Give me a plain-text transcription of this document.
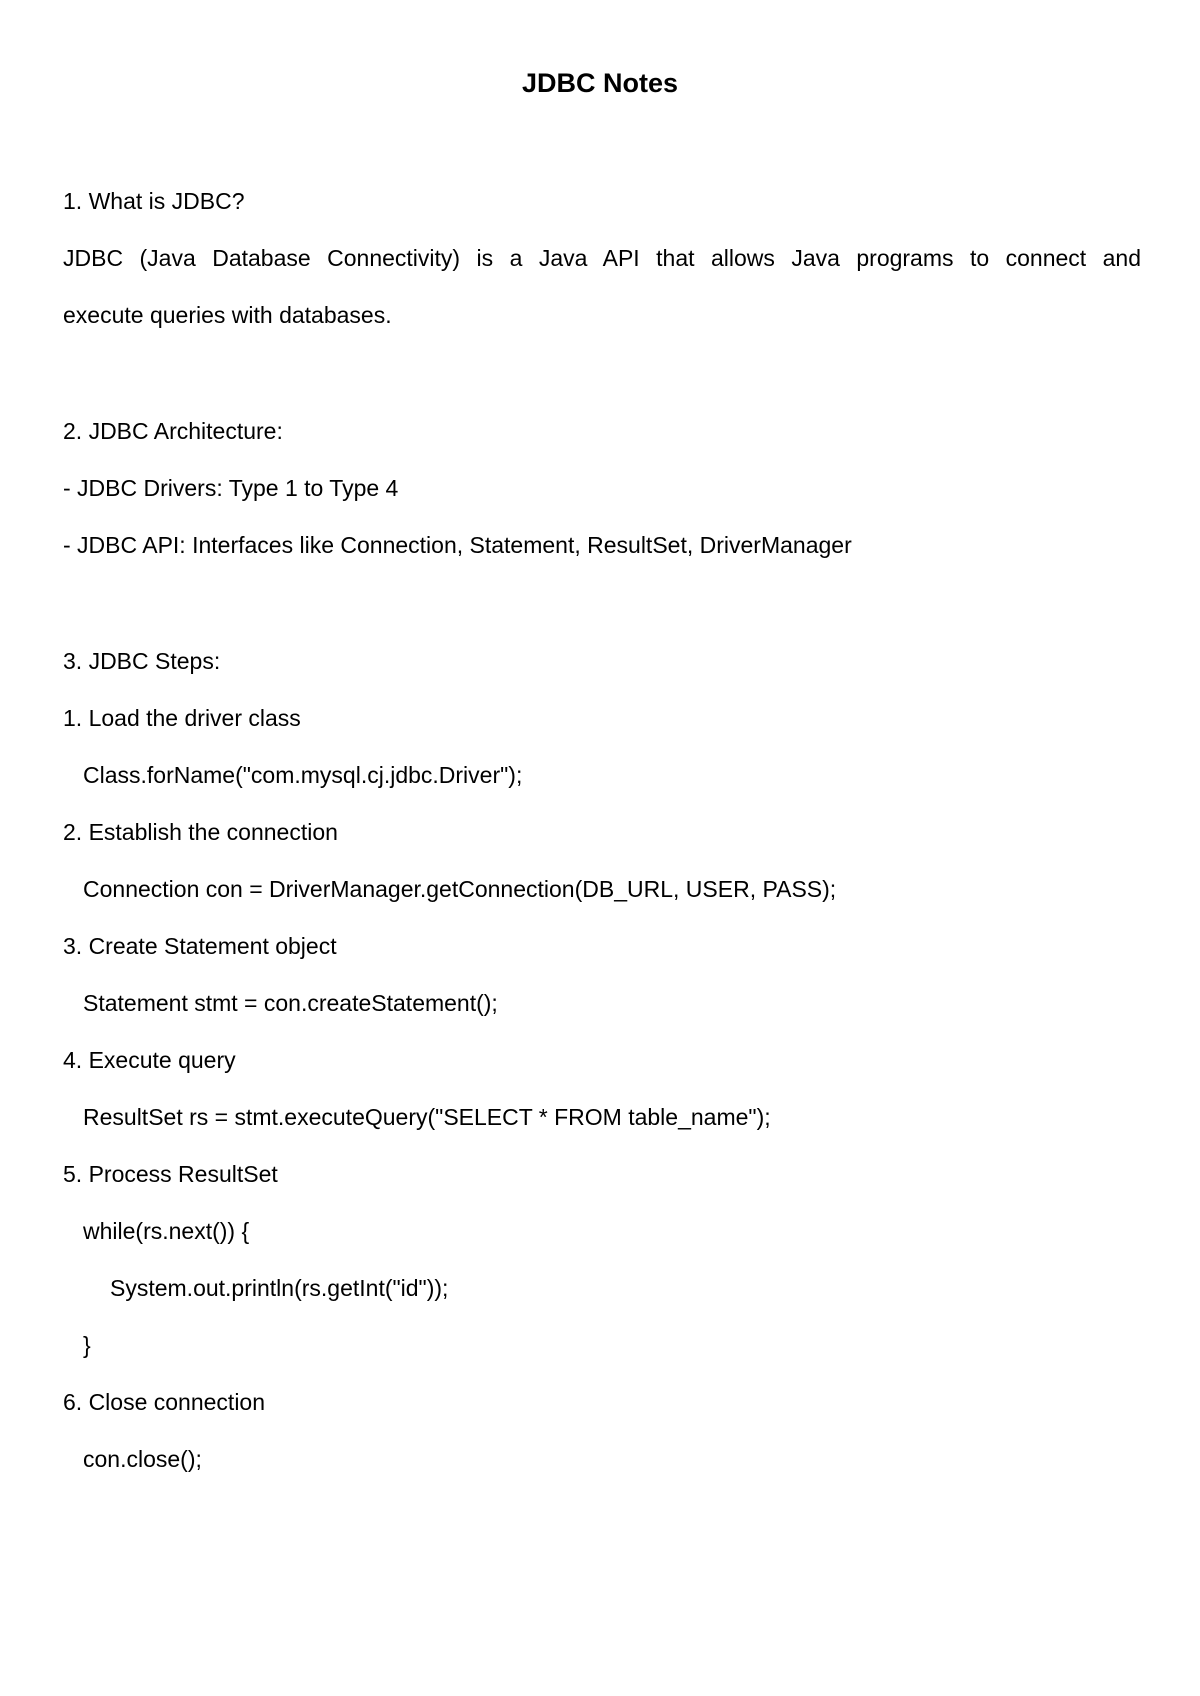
JDBC Notes
1. What is JDBC?
JDBC (Java Database Connectivity) is a Java API that allows Java programs to connect and
execute queries with databases.
2. JDBC Architecture:
- JDBC Drivers: Type 1 to Type 4
- JDBC API: Interfaces like Connection, Statement, ResultSet, DriverManager
3. JDBC Steps:
1. Load the driver class
Class.forName("com.mysql.cj.jdbc.Driver");
2. Establish the connection
Connection con = DriverManager.getConnection(DB_URL, USER, PASS);
3. Create Statement object
Statement stmt = con.createStatement();
4. Execute query
ResultSet rs = stmt.executeQuery("SELECT * FROM table_name");
5. Process ResultSet
while(rs.next()) {
System.out.println(rs.getInt("id"));
}
6. Close connection
con.close();
